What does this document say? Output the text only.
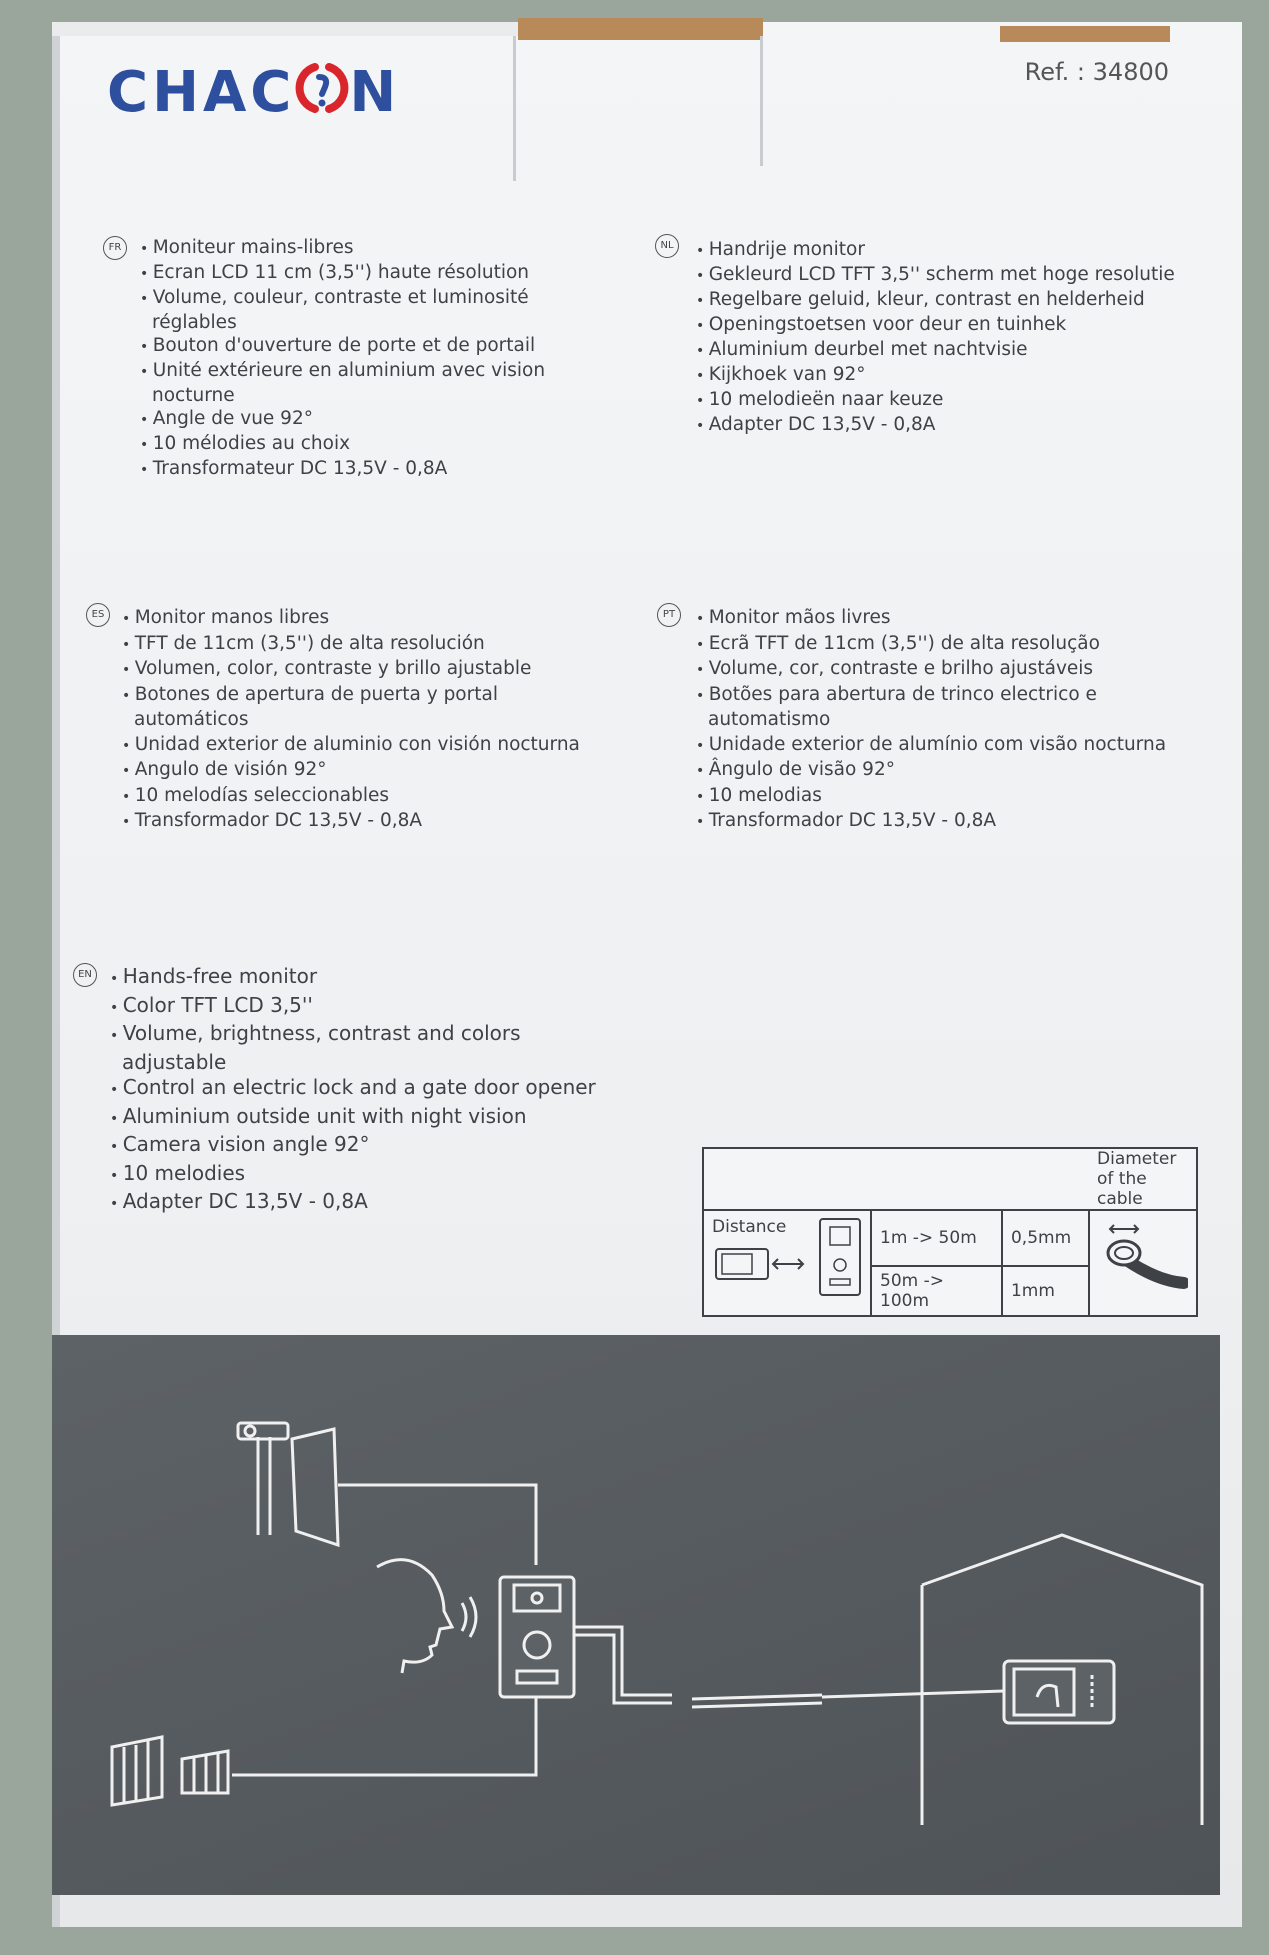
CHAC N	Ref. : 34800
FR	• Moniteur mains-libres
• Ecran LCD 11 cm (3,5'') haute résolution
• Volume, couleur, contraste et luminosité réglables
• Bouton d'ouverture de porte et de portail
• Unité extérieure en aluminium avec vision nocturne
• Angle de vue 92°
• 10 mélodies au choix
• Transformateur DC 13,5V - 0,8A
NL	• Handrije monitor
• Gekleurd LCD TFT 3,5'' scherm met hoge resolutie
• Regelbare geluid, kleur, contrast en helderheid
• Openingstoetsen voor deur en tuinhek
• Aluminium deurbel met nachtvisie
• Kijkhoek van 92°
• 10 melodieën naar keuze
• Adapter DC 13,5V - 0,8A
ES	• Monitor manos libres
• TFT de 11cm (3,5'') de alta resolución
• Volumen, color, contraste y brillo ajustable
• Botones de apertura de puerta y portal automáticos
• Unidad exterior de aluminio con visión nocturna
• Angulo de visión 92°
• 10 melodías seleccionables
• Transformador DC 13,5V - 0,8A
PT	• Monitor mãos livres
• Ecrã TFT de 11cm (3,5'') de alta resolução
• Volume, cor, contraste e brilho ajustáveis
• Botões para abertura de trinco electrico e automatismo
• Unidade exterior de alumínio com visão nocturna
• Ângulo de visão 92°
• 10 melodias
• Transformador DC 13,5V - 0,8A
EN	• Hands-free monitor
• Color TFT LCD 3,5''
• Volume, brightness, contrast and colors adjustable
• Control an electric lock and a gate door opener
• Aluminium outside unit with night vision
• Camera vision angle 92°
• 10 melodies
• Adapter DC 13,5V - 0,8A
			Diameter of the cable

Distance	1m -> 50m	0,5mm	
	50m -> 100m	1mm	
